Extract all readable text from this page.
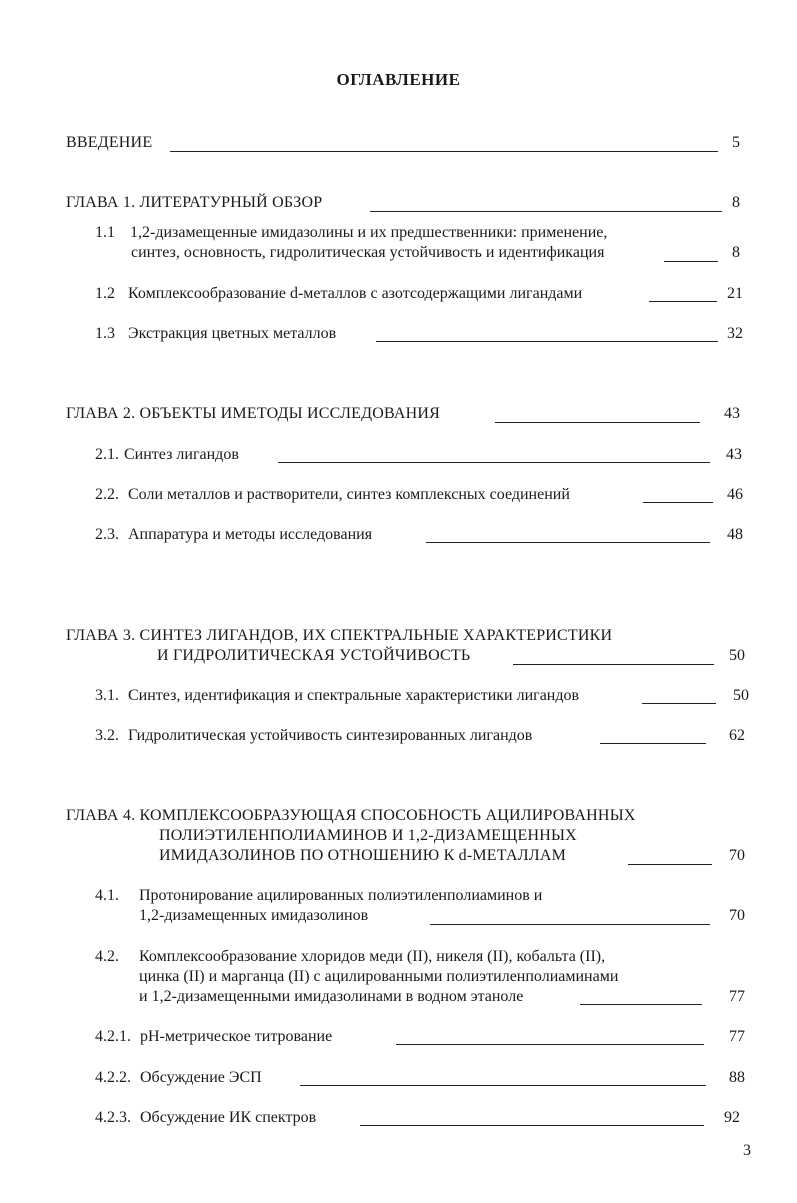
ОГЛАВЛЕНИЕ
ВВЕДЕНИЕ	5
ГЛАВА 1. ЛИТЕРАТУРНЫЙ ОБЗОР	8
1.1 1,2-дизамещенные имидазолины и их предшественники: применение,
синтез, основность, гидролитическая устойчивость и идентификация	8
1.2 Комплексообразование d-металлов с азотсодержащими лигандами	21
1.3 Экстракция цветных металлов	32
ГЛАВА 2. ОБЪЕКТЫ ИМЕТОДЫ ИССЛЕДОВАНИЯ	43
2.1. Синтез лигандов	43
2.2. Соли металлов и растворители, синтез комплексных соединений	46
2.3. Аппаратура и методы исследования	48
ГЛАВА 3. СИНТЕЗ ЛИГАНДОВ, ИХ СПЕКТРАЛЬНЫЕ ХАРАКТЕРИСТИКИ
И ГИДРОЛИТИЧЕСКАЯ УСТОЙЧИВОСТЬ	50
3.1. Синтез, идентификация и спектральные характеристики лигандов	50
3.2. Гидролитическая устойчивость синтезированных лигандов	62
ГЛАВА 4. КОМПЛЕКСООБРАЗУЮЩАЯ СПОСОБНОСТЬ АЦИЛИРОВАННЫХ
ПОЛИЭТИЛЕНПОЛИАМИНОВ И 1,2-ДИЗАМЕЩЕННЫХ
ИМИДАЗОЛИНОВ ПО ОТНОШЕНИЮ К d-МЕТАЛЛАМ	70
4.1. Протонирование ацилированных полиэтиленполиаминов и
1,2-дизамещенных имидазолинов	70
4.2. Комплексообразование хлоридов меди (II), никеля (II), кобальта (II),
цинка (II) и марганца (II) с ацилированными полиэтиленполиаминами
и 1,2-дизамещенными имидазолинами в водном этаноле	77
4.2.1. pH-метрическое титрование	77
4.2.2. Обсуждение ЭСП	88
4.2.3. Обсуждение ИК спектров	92
3
